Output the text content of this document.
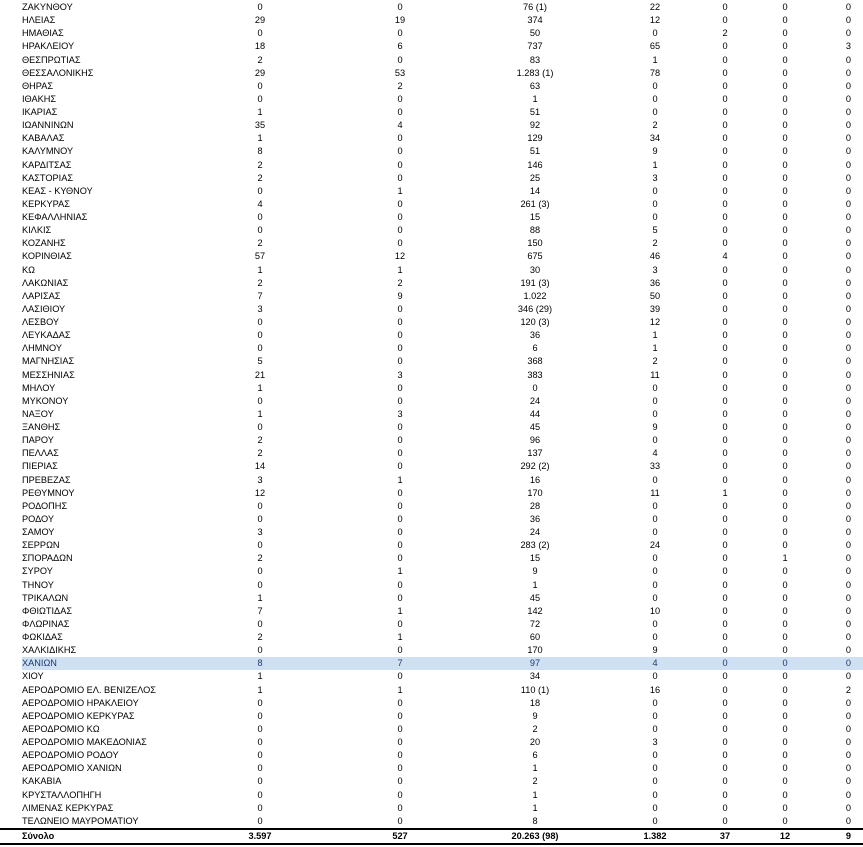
ΖΑΚΥΝΘΟΥ	0	0	76 (1)	22	0	0	0
ΗΛΕΙΑΣ	29	19	374	12	0	0	0
ΗΜΑΘΙΑΣ	0	0	50	0	2	0	0
ΗΡΑΚΛΕΙΟΥ	18	6	737	65	0	0	3
ΘΕΣΠΡΩΤΙΑΣ	2	0	83	1	0	0	0
ΘΕΣΣΑΛΟΝΙΚΗΣ	29	53	1.283 (1)	78	0	0	0
ΘΗΡΑΣ	0	2	63	0	0	0	0
ΙΘΑΚΗΣ	0	0	1	0	0	0	0
ΙΚΑΡΙΑΣ	1	0	51	0	0	0	0
ΙΩΑΝΝΙΝΩΝ	35	4	92	2	0	0	0
ΚΑΒΑΛΑΣ	1	0	129	34	0	0	0
ΚΑΛΥΜΝΟΥ	8	0	51	9	0	0	0
ΚΑΡΔΙΤΣΑΣ	2	0	146	1	0	0	0
ΚΑΣΤΟΡΙΑΣ	2	0	25	3	0	0	0
ΚΕΑΣ - ΚΥΘΝΟΥ	0	1	14	0	0	0	0
ΚΕΡΚΥΡΑΣ	4	0	261 (3)	0	0	0	0
ΚΕΦΑΛΛΗΝΙΑΣ	0	0	15	0	0	0	0
ΚΙΛΚΙΣ	0	0	88	5	0	0	0
ΚΟΖΑΝΗΣ	2	0	150	2	0	0	0
ΚΟΡΙΝΘΙΑΣ	57	12	675	46	4	0	0
ΚΩ	1	1	30	3	0	0	0
ΛΑΚΩΝΙΑΣ	2	2	191 (3)	36	0	0	0
ΛΑΡΙΣΑΣ	7	9	1.022	50	0	0	0
ΛΑΣΙΘΙΟΥ	3	0	346 (29)	39	0	0	0
ΛΕΣΒΟΥ	0	0	120 (3)	12	0	0	0
ΛΕΥΚΑΔΑΣ	0	0	36	1	0	0	0
ΛΗΜΝΟΥ	0	0	6	1	0	0	0
ΜΑΓΝΗΣΙΑΣ	5	0	368	2	0	0	0
ΜΕΣΣΗΝΙΑΣ	21	3	383	11	0	0	0
ΜΗΛΟΥ	1	0	0	0	0	0	0
ΜΥΚΟΝΟΥ	0	0	24	0	0	0	0
ΝΑΞΟΥ	1	3	44	0	0	0	0
ΞΑΝΘΗΣ	0	0	45	9	0	0	0
ΠΑΡΟΥ	2	0	96	0	0	0	0
ΠΕΛΛΑΣ	2	0	137	4	0	0	0
ΠΙΕΡΙΑΣ	14	0	292 (2)	33	0	0	0
ΠΡΕΒΕΖΑΣ	3	1	16	0	0	0	0
ΡΕΘΥΜΝΟΥ	12	0	170	11	1	0	0
ΡΟΔΟΠΗΣ	0	0	28	0	0	0	0
ΡΟΔΟΥ	0	0	36	0	0	0	0
ΣΑΜΟΥ	3	0	24	0	0	0	0
ΣΕΡΡΩΝ	0	0	283 (2)	24	0	0	0
ΣΠΟΡΑΔΩΝ	2	0	15	0	0	1	0
ΣΥΡΟΥ	0	1	9	0	0	0	0
ΤΗΝΟΥ	0	0	1	0	0	0	0
ΤΡΙΚΑΛΩΝ	1	0	45	0	0	0	0
ΦΘΙΩΤΙΔΑΣ	7	1	142	10	0	0	0
ΦΛΩΡΙΝΑΣ	0	0	72	0	0	0	0
ΦΩΚΙΔΑΣ	2	1	60	0	0	0	0
ΧΑΛΚΙΔΙΚΗΣ	0	0	170	9	0	0	0
ΧΑΝΙΩΝ	8	7	97	4	0	0	0
ΧΙΟΥ	1	0	34	0	0	0	0
ΑΕΡΟΔΡΟΜΙΟ ΕΛ. ΒΕΝΙΖΕΛΟΣ	1	1	110 (1)	16	0	0	2
ΑΕΡΟΔΡΟΜΙΟ ΗΡΑΚΛΕΙΟΥ	0	0	18	0	0	0	0
ΑΕΡΟΔΡΟΜΙΟ ΚΕΡΚΥΡΑΣ	0	0	9	0	0	0	0
ΑΕΡΟΔΡΟΜΙΟ ΚΩ	0	0	2	0	0	0	0
ΑΕΡΟΔΡΟΜΙΟ ΜΑΚΕΔΟΝΙΑΣ	0	0	20	3	0	0	0
ΑΕΡΟΔΡΟΜΙΟ ΡΟΔΟΥ	0	0	6	0	0	0	0
ΑΕΡΟΔΡΟΜΙΟ ΧΑΝΙΩΝ	0	0	1	0	0	0	0
ΚΑΚΑΒΙΑ	0	0	2	0	0	0	0
ΚΡΥΣΤΑΛΛΟΠΗΓΗ	0	0	1	0	0	0	0
ΛΙΜΕΝΑΣ ΚΕΡΚΥΡΑΣ	0	0	1	0	0	0	0
ΤΕΛΩΝΕΙΟ ΜΑΥΡΟΜΑΤΙΟΥ	0	0	8	0	0	0	0
Σύνολο	3.597	527	20.263 (98)	1.382	37	12	9
